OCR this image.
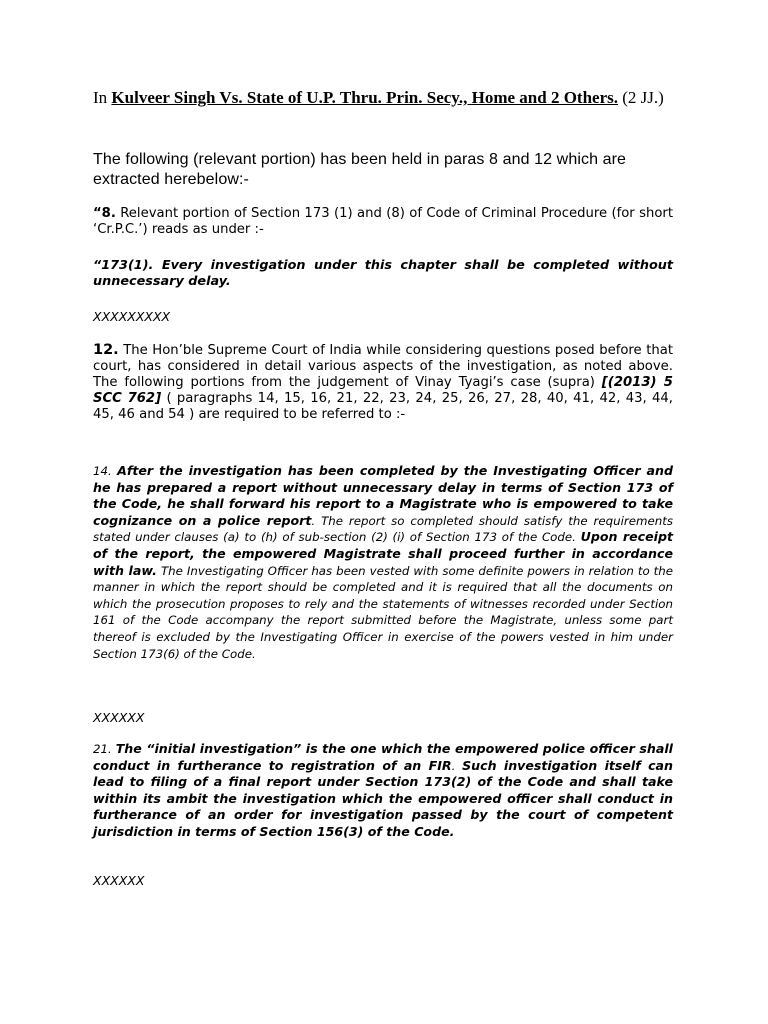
In Kulveer Singh Vs. State of U.P. Thru. Prin. Secy., Home and 2 Others. (2 JJ.)

The following (relevant portion) has been held in paras 8 and 12 which are extracted herebelow:-

“8. Relevant portion of Section 173 (1) and (8) of Code of Criminal Procedure (for short ‘Cr.P.C.’) reads as under :-

“173(1). Every investigation under this chapter shall be completed without unnecessary delay.

XXXXXXXXX

12. The Hon’ble Supreme Court of India while considering questions posed before that court, has considered in detail various aspects of the investigation, as noted above. The following portions from the judgement of Vinay Tyagi’s case (supra) [(2013) 5 SCC 762] ( paragraphs 14, 15, 16, 21, 22, 23, 24, 25, 26, 27, 28, 40, 41, 42, 43, 44, 45, 46 and 54 ) are required to be referred to :-

14. After the investigation has been completed by the Investigating Officer and he has prepared a report without unnecessary delay in terms of Section 173 of the Code, he shall forward his report to a Magistrate who is empowered to take cognizance on a police report. The report so completed should satisfy the requirements stated under clauses (a) to (h) of sub-section (2) (i) of Section 173 of the Code. Upon receipt of the report, the empowered Magistrate shall proceed further in accordance with law. The Investigating Officer has been vested with some definite powers in relation to the manner in which the report should be completed and it is required that all the documents on which the prosecution proposes to rely and the statements of witnesses recorded under Section 161 of the Code accompany the report submitted before the Magistrate, unless some part thereof is excluded by the Investigating Officer in exercise of the powers vested in him under Section 173(6) of the Code.

XXXXXX

21. The “initial investigation” is the one which the empowered police officer shall conduct in furtherance to registration of an FIR. Such investigation itself can lead to filing of a final report under Section 173(2) of the Code and shall take within its ambit the investigation which the empowered officer shall conduct in furtherance of an order for investigation passed by the court of competent jurisdiction in terms of Section 156(3) of the Code.

XXXXXX
